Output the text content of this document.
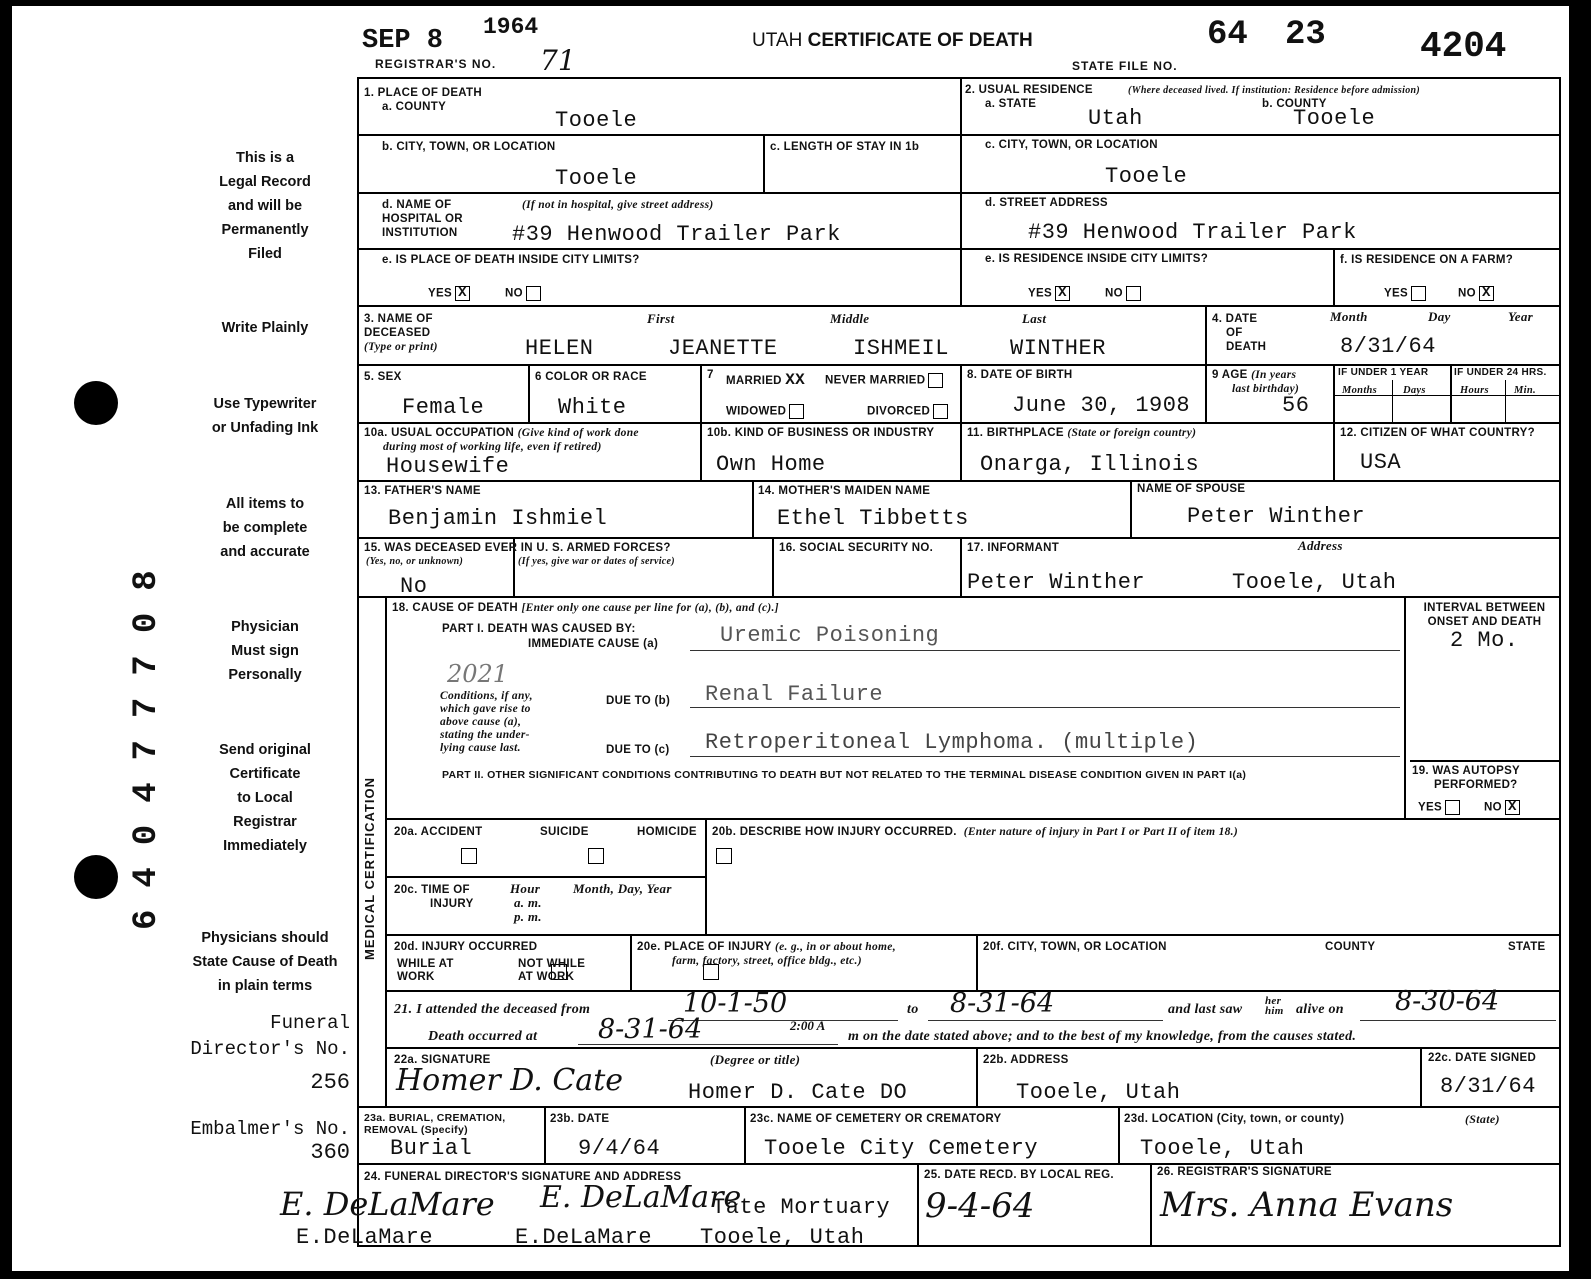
640477708
SEP 8 1964
REGISTRAR'S NO. 71
UTAH CERTIFICATE OF DEATH	64 23	4204
STATE FILE NO.
This is a
Legal Record
and will be
Permanently
Filed
Write Plainly
Use Typewriter
or Unfading Ink
All items to
be complete
and accurate
Physician
Must sign
Personally
Send original
Certificate
to Local
Registrar
Immediately
Physicians should
State Cause of Death
in plain terms
Funeral
Director's No.
256
Embalmer's No.
360
1. PLACE OF DEATH
a. COUNTY
Tooele
2. USUAL RESIDENCE	(Where deceased lived. If institution: Residence before admission)
a. STATE
Utah
b. COUNTY
Tooele
b. CITY, TOWN, OR LOCATION
Tooele
c. LENGTH OF STAY IN 1b	c. CITY, TOWN, OR LOCATION
Tooele
d. NAME OF
HOSPITAL OR
INSTITUTION
(If not in hospital, give street address)
#39 Henwood Trailer Park
d. STREET ADDRESS
#39 Henwood Trailer Park
e. IS PLACE OF DEATH INSIDE CITY LIMITS?
YES X	NO
e. IS RESIDENCE INSIDE CITY LIMITS?
YES X	NO
f. IS RESIDENCE ON A FARM?
YES	NO X
3. NAME OF
DECEASED
(Type or print)
First	Middle	Last
HELEN	JEANETTE	ISHMEIL	WINTHER
4. DATE
OF
DEATH
Month	Day	Year
8/31/64
5. SEX
Female
6 COLOR OR RACE
White
7 MARRIED XX NEVER MARRIED
WIDOWED	DIVORCED
8. DATE OF BIRTH
June 30, 1908
9 AGE (In years
last birthday)
56
IF UNDER 1 YEAR	IF UNDER 24 HRS.
Months Days	Hours Min.
10a. USUAL OCCUPATION (Give kind of work done
during most of working life, even if retired)
Housewife
10b. KIND OF BUSINESS OR INDUSTRY
Own Home
11. BIRTHPLACE (State or foreign country)
Onarga, Illinois
12. CITIZEN OF WHAT COUNTRY?
USA
13. FATHER'S NAME
Benjamin Ishmiel
14. MOTHER'S MAIDEN NAME
Ethel Tibbetts
NAME OF SPOUSE
Peter Winther
15. WAS DECEASED EVER IN U. S. ARMED FORCES?
(Yes, no, or unknown)	(If yes, give war or dates of service)
No
16. SOCIAL SECURITY NO.	17. INFORMANT	Address
Peter Winther	Tooele, Utah
MEDICAL CERTIFICATION
18. CAUSE OF DEATH [Enter only one cause per line for (a), (b), and (c).]
PART I. DEATH WAS CAUSED BY:
IMMEDIATE CAUSE (a)	Uremic Poisoning
2021
Conditions, if any,
which gave rise to
above cause (a),
stating the under-
lying cause last.
DUE TO (b) Renal Failure
DUE TO (c) Retroperitoneal Lymphoma. (multiple)
INTERVAL BETWEEN
ONSET AND DEATH
2 Mo.
PART II. OTHER SIGNIFICANT CONDITIONS CONTRIBUTING TO DEATH BUT NOT RELATED TO THE TERMINAL DISEASE CONDITION GIVEN IN PART I(a)	19. WAS AUTOPSY
PERFORMED?
YES	NO X
20a. ACCIDENT	SUICIDE	HOMICIDE
20b. DESCRIBE HOW INJURY OCCURRED. (Enter nature of injury in Part I or Part II of item 18.)
20c. TIME OF
INJURY
Hour
a. m.
p. m.
Month, Day, Year
20d. INJURY OCCURRED
WHILE AT
WORK

NOT WHILE
AT WORK
20e. PLACE OF INJURY (e. g., in or about home,
farm, factory, street, office bldg., etc.)
20f. CITY, TOWN, OR LOCATION	COUNTY	STATE
21. I attended the deceased from	10-1-50	to 8-31-64	and last saw
her him alive on 8-30-64
Death occurred at 8-31-64	2:00 A
m on the date stated above; and to the best of my knowledge, from the causes stated.
22a. SIGNATURE	(Degree or title)
Homer D. Cate	Homer D. Cate DO
22b. ADDRESS
Tooele, Utah
22c. DATE SIGNED
8/31/64
23a. BURIAL, CREMATION,
REMOVAL (Specify)
Burial
23b. DATE
9/4/64
23c. NAME OF CEMETERY OR CREMATORY
Tooele City Cemetery
23d. LOCATION (City, town, or county)	(State)
Tooele, Utah
24. FUNERAL DIRECTOR'S SIGNATURE AND ADDRESS
E. DeLaMare E. DeLaMare
Tate Mortuary
E.DeLaMare	E.DeLaMare Tooele, Utah
25. DATE RECD. BY LOCAL REG.
9-4-64
26. REGISTRAR'S SIGNATURE
Mrs. Anna Evans
